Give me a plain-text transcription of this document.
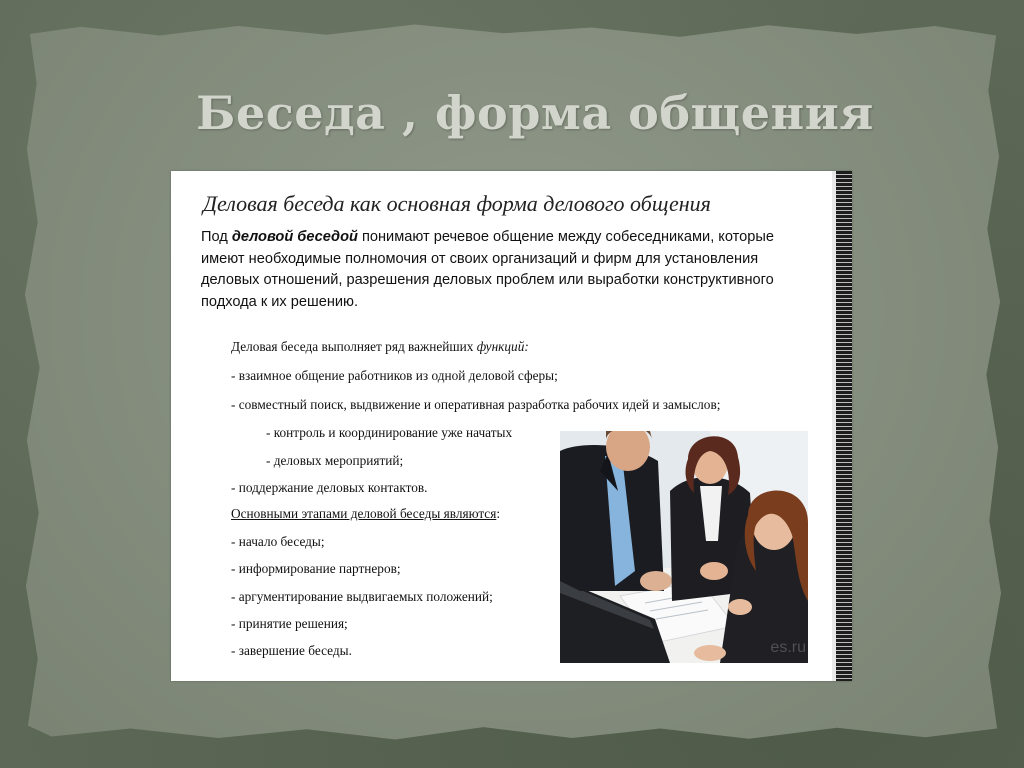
Беседа , форма общения
Деловая беседа как основная форма делового общения
Под деловой беседой понимают речевое общение между собеседниками, которые имеют необходимые полномочия от своих организаций и фирм для установления деловых отношений, разрешения деловых проблем или выработки конструктивного подхода к их решению.
Деловая беседа выполняет ряд важнейших функций:
- взаимное общение работников из одной деловой сферы;
- совместный поиск, выдвижение и оперативная разработка рабочих идей и замыслов;
- контроль и координирование уже начатых
- деловых мероприятий;
- поддержание деловых контактов.
Основными этапами деловой беседы являются:
- начало беседы;
- информирование партнеров;
- аргументирование выдвигаемых положений;
- принятие решения;
- завершение беседы.	es.ru
